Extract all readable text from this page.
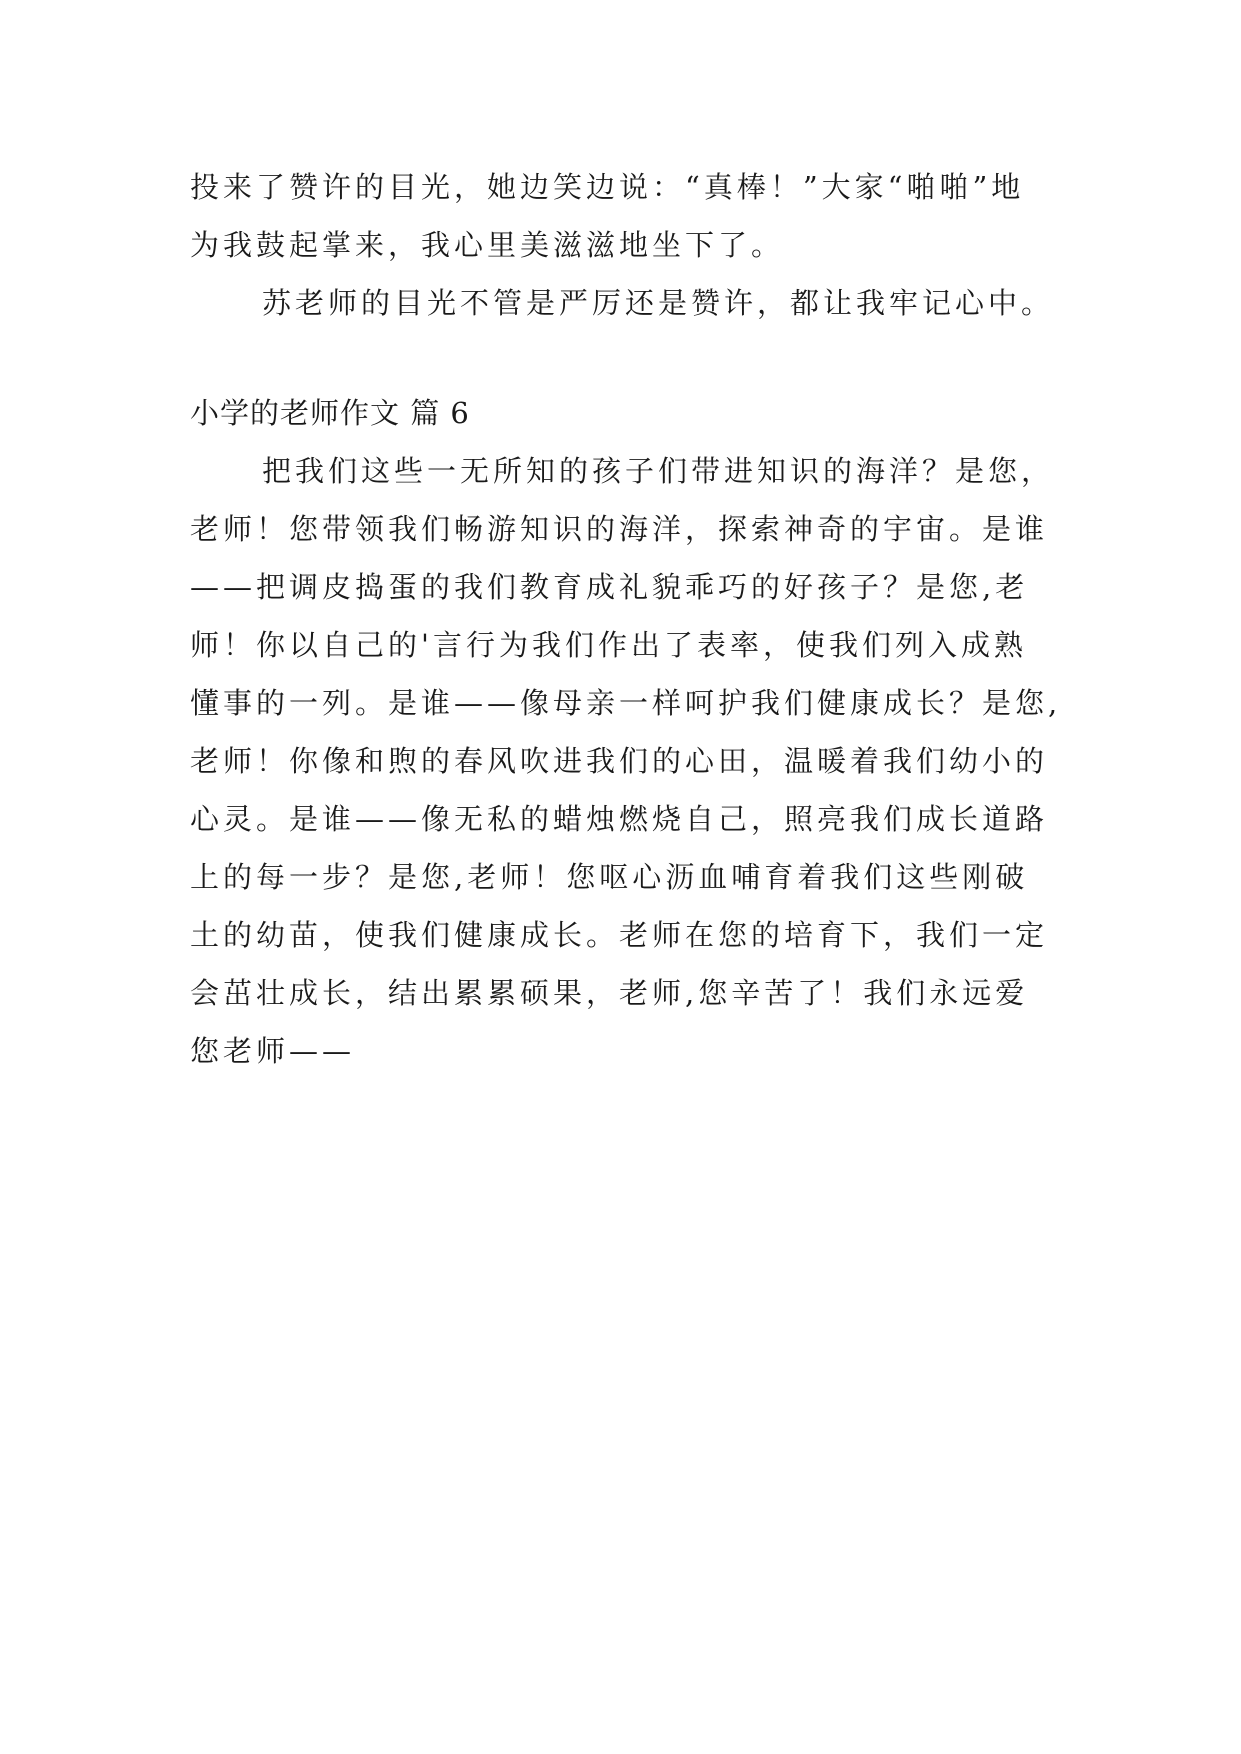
投来了赞许的目光，她边笑边说：“真棒！”大家“啪啪”地
为我鼓起掌来，我心里美滋滋地坐下了。
苏老师的目光不管是严厉还是赞许，都让我牢记心中。
小学的老师作文 篇 6
把我们这些一无所知的孩子们带进知识的海洋？是您，
老师！您带领我们畅游知识的海洋，探索神奇的宇宙。是谁
——把调皮捣蛋的我们教育成礼貌乖巧的好孩子？是您,老
师！你以自己的'言行为我们作出了表率，使我们列入成熟
懂事的一列。是谁——像母亲一样呵护我们健康成长？是您,
老师！你像和煦的春风吹进我们的心田，温暖着我们幼小的
心灵。是谁——像无私的蜡烛燃烧自己，照亮我们成长道路
上的每一步？是您,老师！您呕心沥血哺育着我们这些刚破
土的幼苗，使我们健康成长。老师在您的培育下，我们一定
会茁壮成长，结出累累硕果，老师,您辛苦了！我们永远爱
您老师——
